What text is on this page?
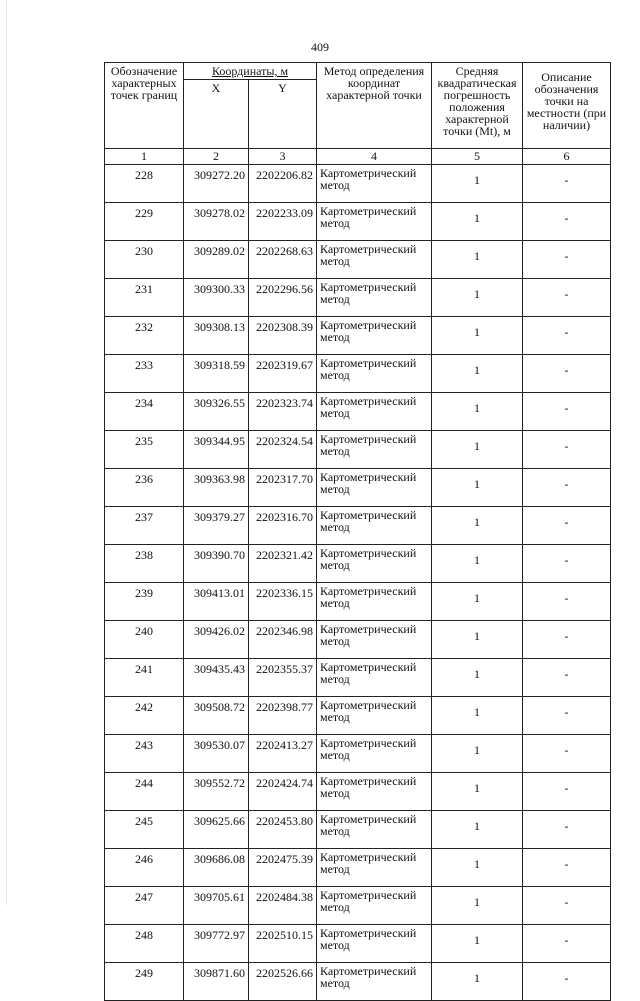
409
Обозначение характерных точек границ	Координаты, м		Метод определения координат характерной точки	Средняя квадратическая погрешность положения характерной точки (Mt), м	Описание обозначения точки на местности (при наличии)
	X	Y			
1	2	3	4	5	6
228	309272.20	2202206.82	Картометрический метод	1	-
229	309278.02	2202233.09	Картометрический метод	1	-
230	309289.02	2202268.63	Картометрический метод	1	-
231	309300.33	2202296.56	Картометрический метод	1	-
232	309308.13	2202308.39	Картометрический метод	1	-
233	309318.59	2202319.67	Картометрический метод	1	-
234	309326.55	2202323.74	Картометрический метод	1	-
235	309344.95	2202324.54	Картометрический метод	1	-
236	309363.98	2202317.70	Картометрический метод	1	-
237	309379.27	2202316.70	Картометрический метод	1	-
238	309390.70	2202321.42	Картометрический метод	1	-
239	309413.01	2202336.15	Картометрический метод	1	-
240	309426.02	2202346.98	Картометрический метод	1	-
241	309435.43	2202355.37	Картометрический метод	1	-
242	309508.72	2202398.77	Картометрический метод	1	-
243	309530.07	2202413.27	Картометрический метод	1	-
244	309552.72	2202424.74	Картометрический метод	1	-
245	309625.66	2202453.80	Картометрический метод	1	-
246	309686.08	2202475.39	Картометрический метод	1	-
247	309705.61	2202484.38	Картометрический метод	1	-
248	309772.97	2202510.15	Картометрический метод	1	-
249	309871.60	2202526.66	Картометрический метод	1	-
